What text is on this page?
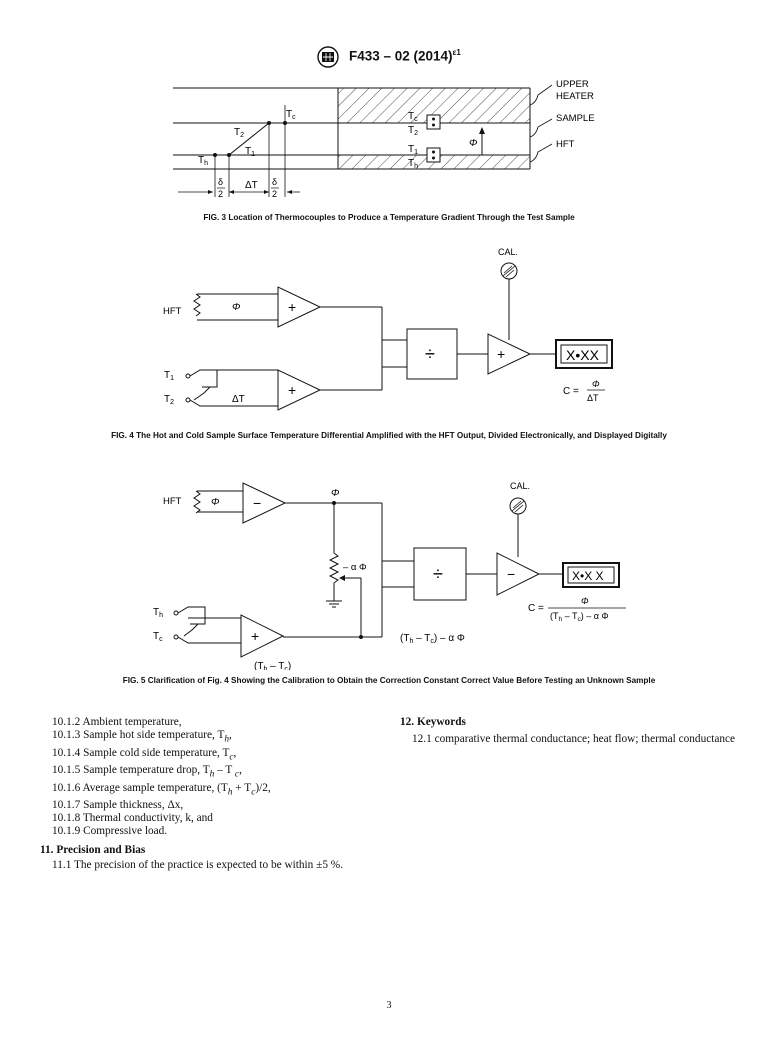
F433 – 02 $(2014)^{\varepsilon 1}$
ΔT
δ
2
δ
2
$T_h$
$T_1$
$T_2$
$T_c$	$T_c$
$T_2$
$T_1$
$T_h$
Φ
UPPER
HEATER
SAMPLE
HFT
FIG. 3 Location of Thermocouples to Produce a Temperature Gradient Through the Test Sample
CAL.
HFT	Φ	+
$T_1$
$T_2$	ΔT
+
÷	+	X•XX
C =
Φ
ΔT
FIG. 4 The Hot and Cold Sample Surface Temperature Differential Amplified with the HFT Output, Divided Electronically, and Displayed Digitally
CAL.
HFT	Φ −
Φ
– α Φ
$T_h$
$T_c$	+
$(T_h - T_c)$
$(T_h - T_c)$ – α Φ
÷	−	X•X X
C =
Φ
$(T_h - T_c)$ – α Φ
FIG. 5 Clarification of Fig. 4 Showing the Calibration to Obtain the Correction Constant Correct Value Before Testing an Unknown Sample
10.1.2 Ambient temperature,
10.1.3 Sample hot side temperature, $T_h$,
10.1.4 Sample cold side temperature, $T_c$,
10.1.5 Sample temperature drop, $T_h$ – T $_c$,
10.1.6 Average sample temperature, $(T_h + T_c)/2$,
10.1.7 Sample thickness, Δx,
10.1.8 Thermal conductivity, k, and
10.1.9 Compressive load.
11. Precision and Bias
11.1 The precision of the practice is expected to be within ±5 %.
12. Keywords
12.1 comparative thermal conductance; heat flow; thermal conductance
3
